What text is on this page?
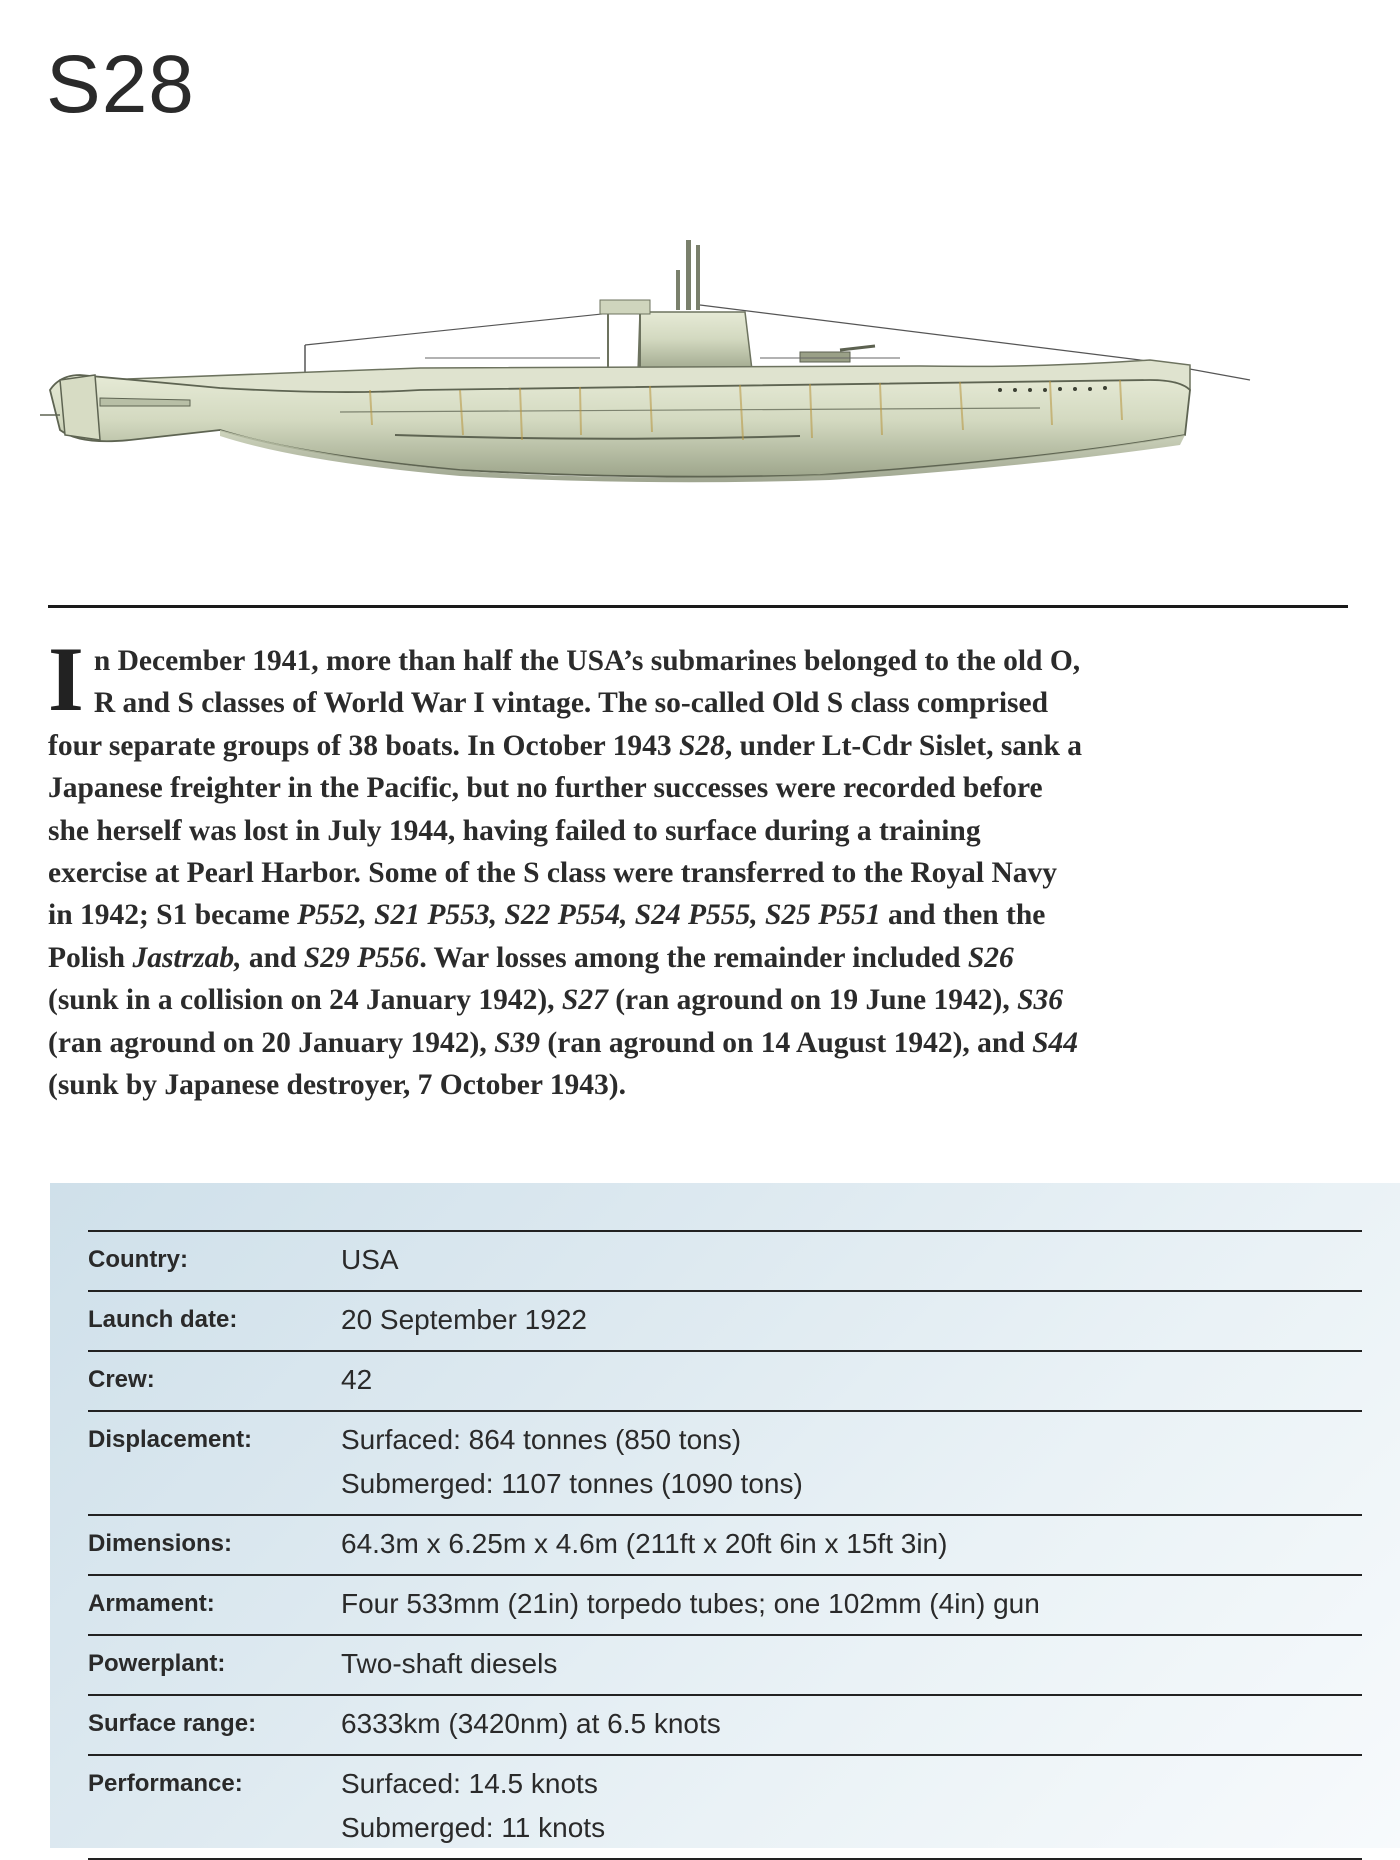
S28

I n December 1941, more than half the USA’s submarines belonged to the old O,
R and S classes of World War I vintage. The so-called Old S class comprised
four separate groups of 38 boats. In October 1943 S28, under Lt-Cdr Sislet, sank a
Japanese freighter in the Pacific, but no further successes were recorded before
she herself was lost in July 1944, having failed to surface during a training
exercise at Pearl Harbor. Some of the S class were transferred to the Royal Navy
in 1942; S1 became P552, S21 P553, S22 P554, S24 P555, S25 P551 and then the
Polish Jastrzab, and S29 P556. War losses among the remainder included S26
(sunk in a collision on 24 January 1942), S27 (ran aground on 19 June 1942), S36
(ran aground on 20 January 1942), S39 (ran aground on 14 August 1942), and S44
(sunk by Japanese destroyer, 7 October 1943).

Country:	USA
Launch date:	20 September 1922
Crew:	42
Displacement:	Surfaced: 864 tonnes (850 tons)
Submerged: 1107 tonnes (1090 tons)
Dimensions:	64.3m x 6.25m x 4.6m (211ft x 20ft 6in x 15ft 3in)
Armament:	Four 533mm (21in) torpedo tubes; one 102mm (4in) gun
Powerplant:	Two-shaft diesels
Surface range:	6333km (3420nm) at 6.5 knots
Performance:	Surfaced: 14.5 knots
Submerged: 11 knots
